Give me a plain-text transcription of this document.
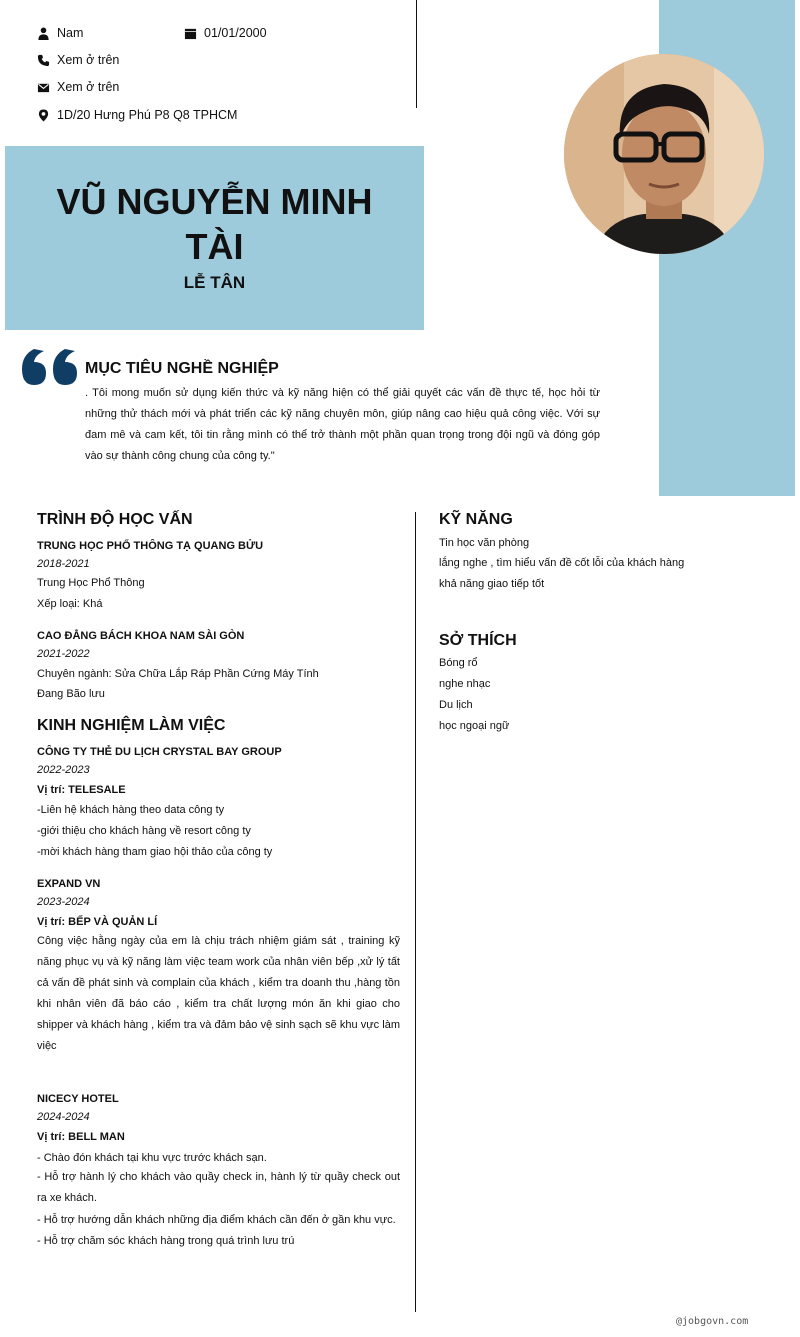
Nam	01/01/2000
Xem ở trên
Xem ở trên
1D/20 Hưng Phú P8 Q8 TPHCM
VŨ NGUYỄN MINH TÀI
LỄ TÂN
MỤC TIÊU NGHỀ NGHIỆP
. Tôi mong muốn sử dụng kiến thức và kỹ năng hiện có thể giải quyết các vấn đề thực tế, học hỏi từ những thử thách mới và phát triển các kỹ năng chuyên môn, giúp nâng cao hiệu quả công việc. Với sự đam mê và cam kết, tôi tin rằng mình có thể trở thành một phần quan trọng trong đội ngũ và đóng góp vào sự thành công chung của công ty."
TRÌNH ĐỘ HỌC VẤN
TRUNG HỌC PHỔ THÔNG TẠ QUANG BỬU
2018-2021
Trung Học Phổ Thông
Xếp loại: Khá
CAO ĐẲNG BÁCH KHOA NAM SÀI GÒN
2021-2022
Chuyên ngành: Sửa Chữa Lắp Ráp Phần Cứng Máy Tính
Đang Bão lưu
KINH NGHIỆM LÀM VIỆC
CÔNG TY THẺ DU LỊCH CRYSTAL BAY GROUP
2022-2023
Vị trí: TELESALE
-Liên hệ khách hàng theo data công ty
-giới thiệu cho khách hàng về resort công ty
-mời khách hàng tham giao hội thảo của công ty
EXPAND VN
2023-2024
Vị trí: BẾP VÀ QUẢN LÍ
Công việc hằng ngày của em là chịu trách nhiệm giám sát , training kỹ năng phục vụ và kỹ năng làm việc team work của nhân viên bếp ,xử lý tất cả vấn đề phát sinh và complain của khách , kiểm tra doanh thu ,hàng tồn khi nhân viên đã báo cáo , kiểm tra chất lượng món ăn khi giao cho shipper và khách hàng , kiểm tra và đảm bảo vệ sinh sạch sẽ khu vực làm việc
NICECY HOTEL
2024-2024
Vị trí: BELL MAN
- Chào đón khách tại khu vực trước khách sạn.
- Hỗ trợ hành lý cho khách vào quầy check in, hành lý từ quầy check out ra xe khách.
- Hỗ trợ hướng dẫn khách những địa điểm khách cần đến ở gần khu vực.
- Hỗ trợ chăm sóc khách hàng trong quá trình lưu trú
KỸ NĂNG
Tin học văn phòng
lắng nghe , tìm hiểu vấn đề cốt lỗi của khách hàng
khả năng giao tiếp tốt
SỞ THÍCH
Bóng rổ
nghe nhạc
Du lịch
học ngoại ngữ
@jobgovn.com
